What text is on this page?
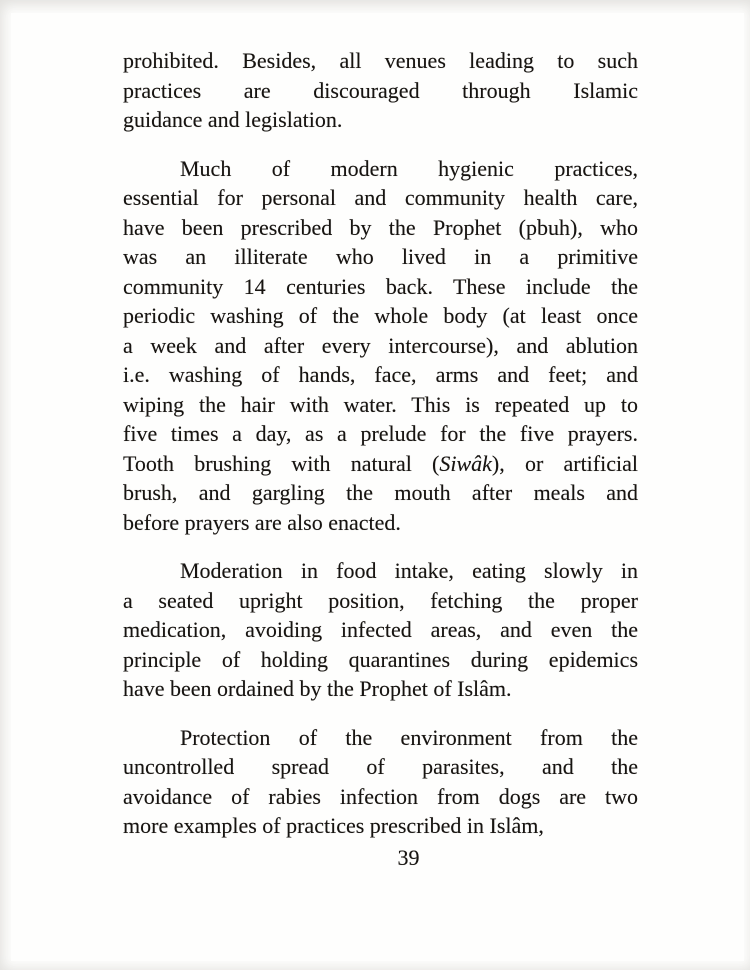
prohibited. Besides, all venues leading to such
practices are discouraged through Islamic
guidance and legislation.
Much of modern hygienic practices,
essential for personal and community health care,
have been prescribed by the Prophet (pbuh), who
was an illiterate who lived in a primitive
community 14 centuries back. These include the
periodic washing of the whole body (at least once
a week and after every intercourse), and ablution
i.e. washing of hands, face, arms and feet; and
wiping the hair with water. This is repeated up to
five times a day, as a prelude for the five prayers.
Tooth brushing with natural (Siwâk), or artificial
brush, and gargling the mouth after meals and
before prayers are also enacted.
Moderation in food intake, eating slowly in
a seated upright position, fetching the proper
medication, avoiding infected areas, and even the
principle of holding quarantines during epidemics
have been ordained by the Prophet of Islâm.
Protection of the environment from the
uncontrolled spread of parasites, and the
avoidance of rabies infection from dogs are two
more examples of practices prescribed in Islâm,
39
